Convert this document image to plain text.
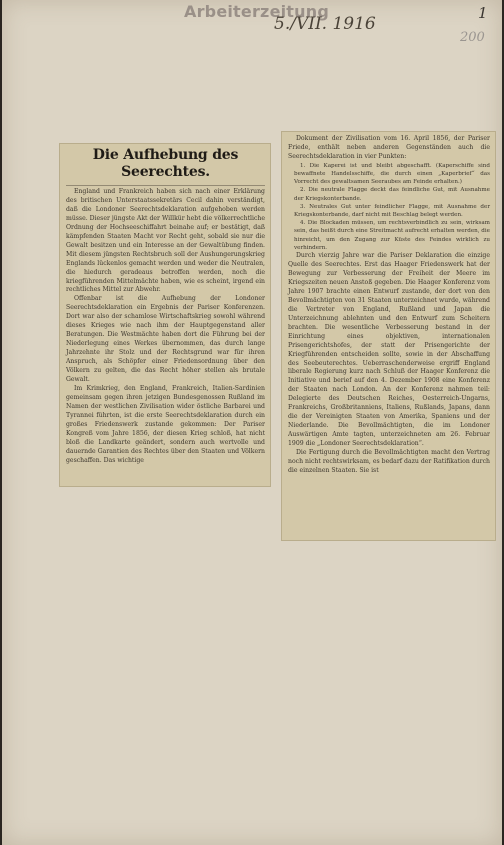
Arbeiterzeitung
5./VII. 1916
1
200
Die Aufhebung des Seerechtes.

England und Frankreich haben sich nach einer Erklärung des britischen Unterstaatssekretärs Cecil dahin verständigt, daß die Londoner Seerechtsdeklaration aufgehoben werden müsse. Dieser jüngste Akt der Willkür hebt die völkerrechtliche Ordnung der Hochseeschiffahrt beinahe auf; er bestätigt, daß kämpfenden Staaten Macht vor Recht geht, sobald sie nur die Gewalt besitzen und ein Interesse an der Gewaltübung finden. Mit diesem jüngsten Rechtsbruch soll der Aushungerungskrieg Englands lückenlos gemacht werden und weder die Neutralen, die hiedurch geradeaus betroffen werden, noch die kriegführenden Mittelmächte haben, wie es scheint, irgend ein rechtliches Mittel zur Abwehr.

Offenbar ist die Aufhebung der Londoner Seerechtsdeklaration ein Ergebnis der Pariser Konferenzen. Dort war also der schamlose Wirtschaftskrieg sowohl während dieses Krieges wie nach ihm der Hauptgegenstand aller Beratungen. Die Westmächte haben dort die Führung bei der Niederlegung eines Werkes übernommen, das durch lange Jahrzehnte ihr Stolz und der Rechtsgrund war für ihren Anspruch, als Schöpfer einer Friedensordnung über den Völkern zu gelten, die das Recht höher stellen als brutale Gewalt.

Im Krimkrieg, den England, Frankreich, Italien-Sardinien gemeinsam gegen ihren jetzigen Bundesgenossen Rußland im Namen der westlichen Zivilisation wider östliche Barbarei und Tyrannei führten, ist die erste Seerechtsdeklaration durch ein großes Friedenswerk zustande gekommen: Der Pariser Kongreß vom Jahre 1856, der diesen Krieg schloß, hat nicht bloß die Landkarte geändert, sondern auch wertvolle und dauernde Garantien des Rechtes über den Staaten und Völkern geschaffen. Das wichtige

Dokument der Zivilisation vom 16. April 1856, der Pariser Friede, enthält neben anderen Gegenständen auch die Seerechtsdeklaration in vier Punkten:

1. Die Kaperei ist und bleibt abgeschafft. (Kaperschiffe sind bewaffnete Handelsschiffe, die durch einen „Kaperbrief“ das Vorrecht des gewaltsamen Seeraubes am Feinde erhalten.)

2. Die neutrale Flagge deckt das feindliche Gut, mit Ausnahme der Kriegskonterbande.

3. Neutrales Gut unter feindlicher Flagge, mit Ausnahme der Kriegskonterbande, darf nicht mit Beschlag belegt werden.

4. Die Blockaden müssen, um rechtsverbindlich zu sein, wirksam sein, das heißt durch eine Streitmacht aufrecht erhalten werden, die hinreicht, um den Zugang zur Küste des Feindes wirklich zu verhindern.

Durch vierzig Jahre war die Pariser Deklaration die einzige Quelle des Seerechtes. Erst das Haager Friedenswerk hat der Bewegung zur Verbesserung der Freiheit der Meere im Kriegszeiten neuen Anstoß gegeben. Die Haager Konferenz vom Jahre 1907 brachte einen Entwurf zustande, der dort von den Bevollmächtigten von 31 Staaten unterzeichnet wurde, während die Vertreter von England, Rußland und Japan die Unterzeichnung ablehnten und den Entwurf zum Scheitern brachten. Die wesentliche Verbesserung bestand in der Einrichtung eines objektiven, internationalen Prisengerichtshofes, der statt der Prisengerichte der Kriegführenden entscheiden sollte, sowie in der Abschaffung des Seebeuterechtes. Ueberraschenderweise ergriff England liberale Regierung kurz nach Schluß der Haager Konferenz die Initiative und berief auf den 4. Dezember 1908 eine Konferenz der Staaten nach London. An der Konferenz nahmen teil: Delegierte des Deutschen Reiches, Oesterreich-Ungarns, Frankreichs, Großbritanniens, Italiens, Rußlands, Japans, dann die der Vereinigten Staaten von Amerika, Spaniens und der Niederlande. Die Bevollmächtigten, die im Londoner Auswärtigen Amte tagten, unterzeichneten am 26. Februar 1909 die „Londoner Seerechtsdeklaration“.

Die Fertigung durch die Bevollmächtigten macht den Vertrag noch nicht rechtswirksam, es bedarf dazu der Ratifikation durch die einzelnen Staaten. Sie ist
